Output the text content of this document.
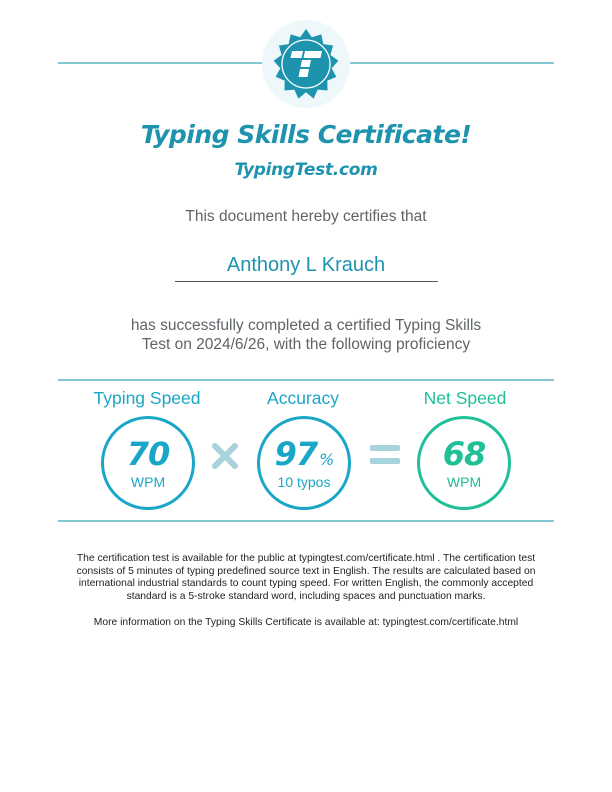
Typing Skills Certificate!
TypingTest.com
This document hereby certifies that
Anthony L Krauch
has successfully completed a certified Typing Skills
Test on 2024/6/26, with the following proficiency
Typing Speed
70
WPM
Accuracy
97 %
10 typos
Net Speed
68
WPM
The certification test is available for the public at typingtest.com/certificate.html . The certification test
consists of 5 minutes of typing predefined source text in English. The results are calculated based on
international industrial standards to count typing speed. For written English, the commonly accepted
standard is a 5-stroke standard word, including spaces and punctuation marks.
More information on the Typing Skills Certificate is available at: typingtest.com/certificate.html
